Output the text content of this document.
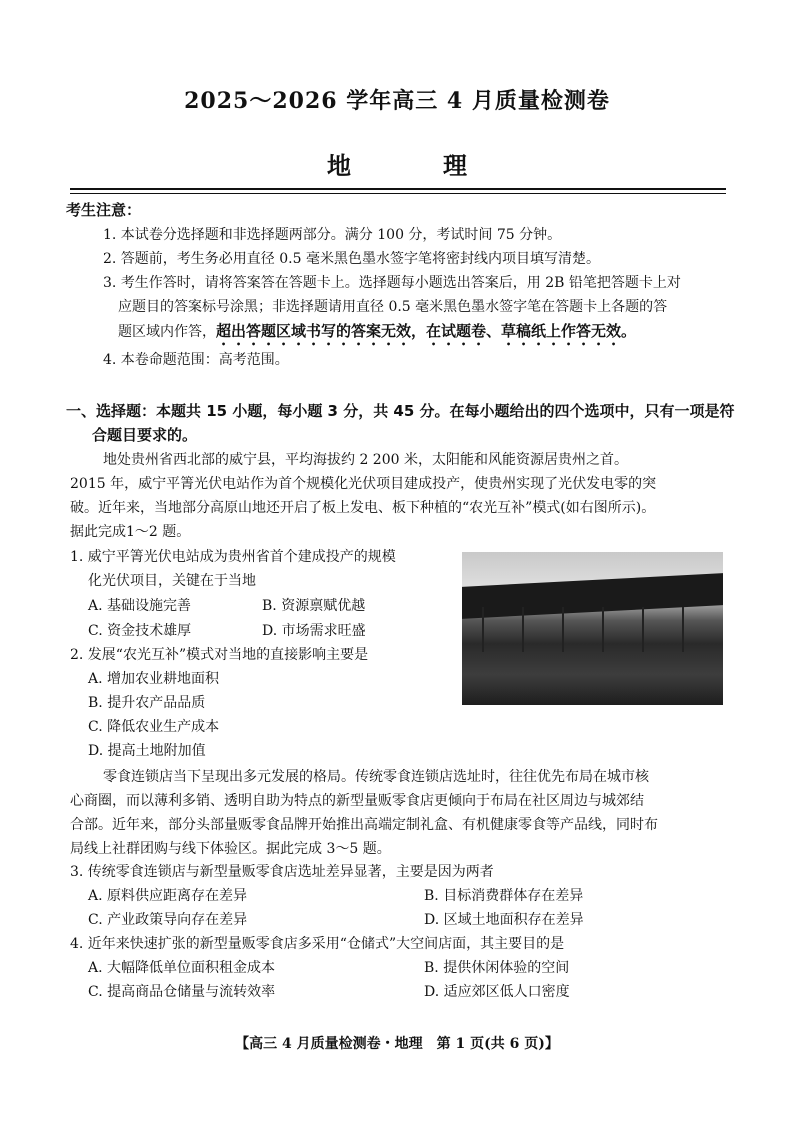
2025～2026 学年高三 4 月质量检测卷
地　理
考生注意：
1. 本试卷分选择题和非选择题两部分。满分 100 分，考试时间 75 分钟。
2. 答题前，考生务必用直径 0.5 毫米黑色墨水签字笔将密封线内项目填写清楚。
3. 考生作答时，请将答案答在答题卡上。选择题每小题选出答案后，用 2B 铅笔把答题卡上对
应题目的答案标号涂黑；非选择题请用直径 0.5 毫米黑色墨水签字笔在答题卡上各题的答
题区域内作答，超出答题区域书写的答案无效，在试题卷、草稿纸上作答无效。
4. 本卷命题范围：高考范围。
一、选择题：本题共 15 小题，每小题 3 分，共 45 分。在每小题给出的四个选项中，只有一项是符
合题目要求的。
地处贵州省西北部的威宁县，平均海拔约 2 200 米，太阳能和风能资源居贵州之首。
2015 年，威宁平箐光伏电站作为首个规模化光伏项目建成投产，使贵州实现了光伏发电零的突
破。近年来，当地部分高原山地还开启了板上发电、板下种植的“农光互补”模式(如右图所示)。
据此完成1～2 题。
1. 威宁平箐光伏电站成为贵州省首个建成投产的规模
化光伏项目，关键在于当地
A. 基础设施完善	B. 资源禀赋优越
C. 资金技术雄厚	D. 市场需求旺盛
2. 发展“农光互补”模式对当地的直接影响主要是
A. 增加农业耕地面积
B. 提升农产品品质
C. 降低农业生产成本
D. 提高土地附加值
零食连锁店当下呈现出多元发展的格局。传统零食连锁店选址时，往往优先布局在城市核
心商圈，而以薄利多销、透明自助为特点的新型量贩零食店更倾向于布局在社区周边与城郊结
合部。近年来，部分头部量贩零食品牌开始推出高端定制礼盒、有机健康零食等产品线，同时布
局线上社群团购与线下体验区。据此完成 3～5 题。
3. 传统零食连锁店与新型量贩零食店选址差异显著，主要是因为两者
A. 原料供应距离存在差异	B. 目标消费群体存在差异
C. 产业政策导向存在差异	D. 区域土地面积存在差异
4. 近年来快速扩张的新型量贩零食店多采用“仓储式”大空间店面，其主要目的是
A. 大幅降低单位面积租金成本	B. 提供休闲体验的空间
C. 提高商品仓储量与流转效率	D. 适应郊区低人口密度
【高三 4 月质量检测卷・地理　第 1 页(共 6 页)】
